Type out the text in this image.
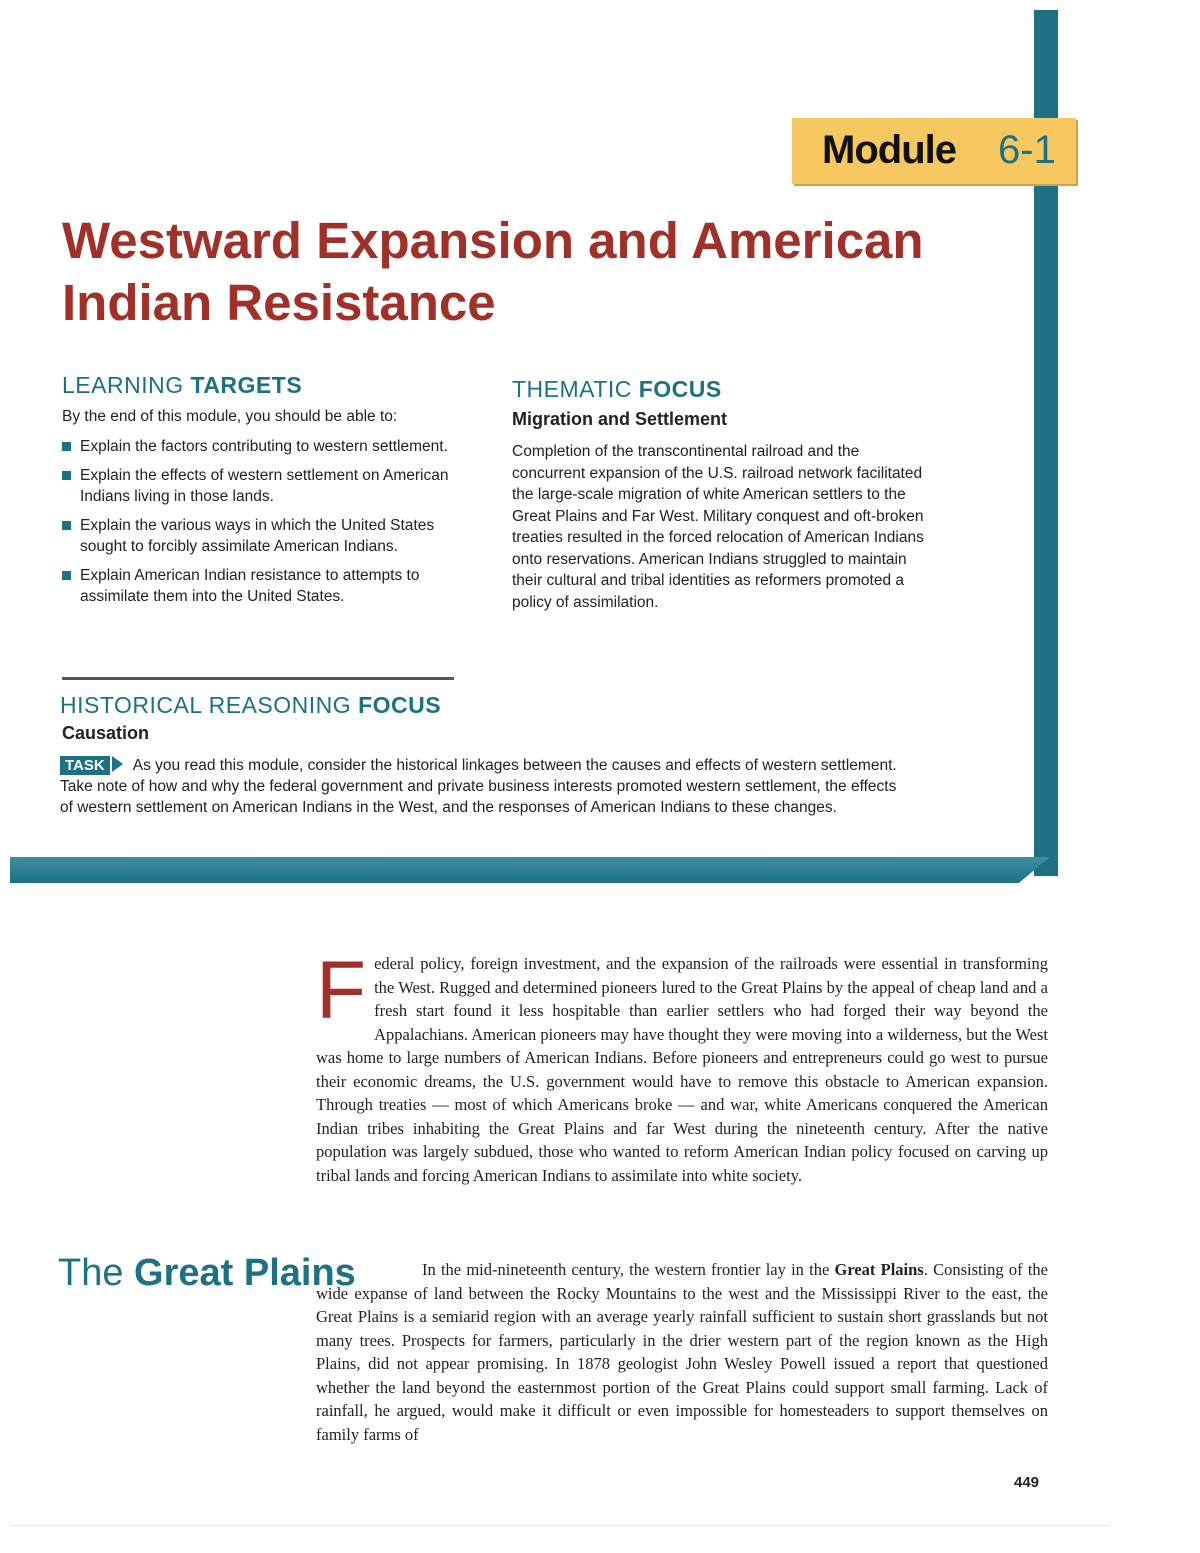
Module 6-1
Westward Expansion and American Indian Resistance
LEARNING TARGETS
By the end of this module, you should be able to:
Explain the factors contributing to western settlement.
Explain the effects of western settlement on American Indians living in those lands.
Explain the various ways in which the United States sought to forcibly assimilate American Indians.
Explain American Indian resistance to attempts to assimilate them into the United States.
THEMATIC FOCUS
Migration and Settlement

Completion of the transcontinental railroad and the concurrent expansion of the U.S. railroad network facilitated the large-scale migration of white American settlers to the Great Plains and Far West. Military conquest and oft-broken treaties resulted in the forced relocation of American Indians onto reservations. American Indians struggled to maintain their cultural and tribal identities as reformers promoted a policy of assimilation.

HISTORICAL REASONING FOCUS
Causation

TASK As you read this module, consider the historical linkages between the causes and effects of western settlement. Take note of how and why the federal government and private business interests promoted western settlement, the effects of western settlement on American Indians in the West, and the responses of American Indians to these changes.

Federal policy, foreign investment, and the expansion of the railroads were essential in transforming the West. Rugged and determined pioneers lured to the Great Plains by the appeal of cheap land and a fresh start found it less hospitable than earlier settlers who had forged their way beyond the Appalachians. American pioneers may have thought they were moving into a wilderness, but the West was home to large numbers of American Indians. Before pioneers and entrepreneurs could go west to pursue their economic dreams, the U.S. government would have to remove this obstacle to American expansion. Through treaties — most of which Americans broke — and war, white Americans conquered the American Indian tribes inhabiting the Great Plains and far West during the nineteenth century. After the native population was largely subdued, those who wanted to reform American Indian policy focused on carving up tribal lands and forcing American Indians to assimilate into white society.

The Great Plains	In the mid-nineteenth century, the western frontier lay in the Great Plains. Consisting of the wide expanse of land between the Rocky Mountains to the west and the Mississippi River to the east, the Great Plains is a semiarid region with an average yearly rainfall sufficient to sustain short grasslands but not many trees. Prospects for farmers, particularly in the drier western part of the region known as the High Plains, did not appear promising. In 1878 geologist John Wesley Powell issued a report that questioned whether the land beyond the easternmost portion of the Great Plains could support small farming. Lack of rainfall, he argued, would make it difficult or even impossible for homesteaders to support themselves on family farms of

449
